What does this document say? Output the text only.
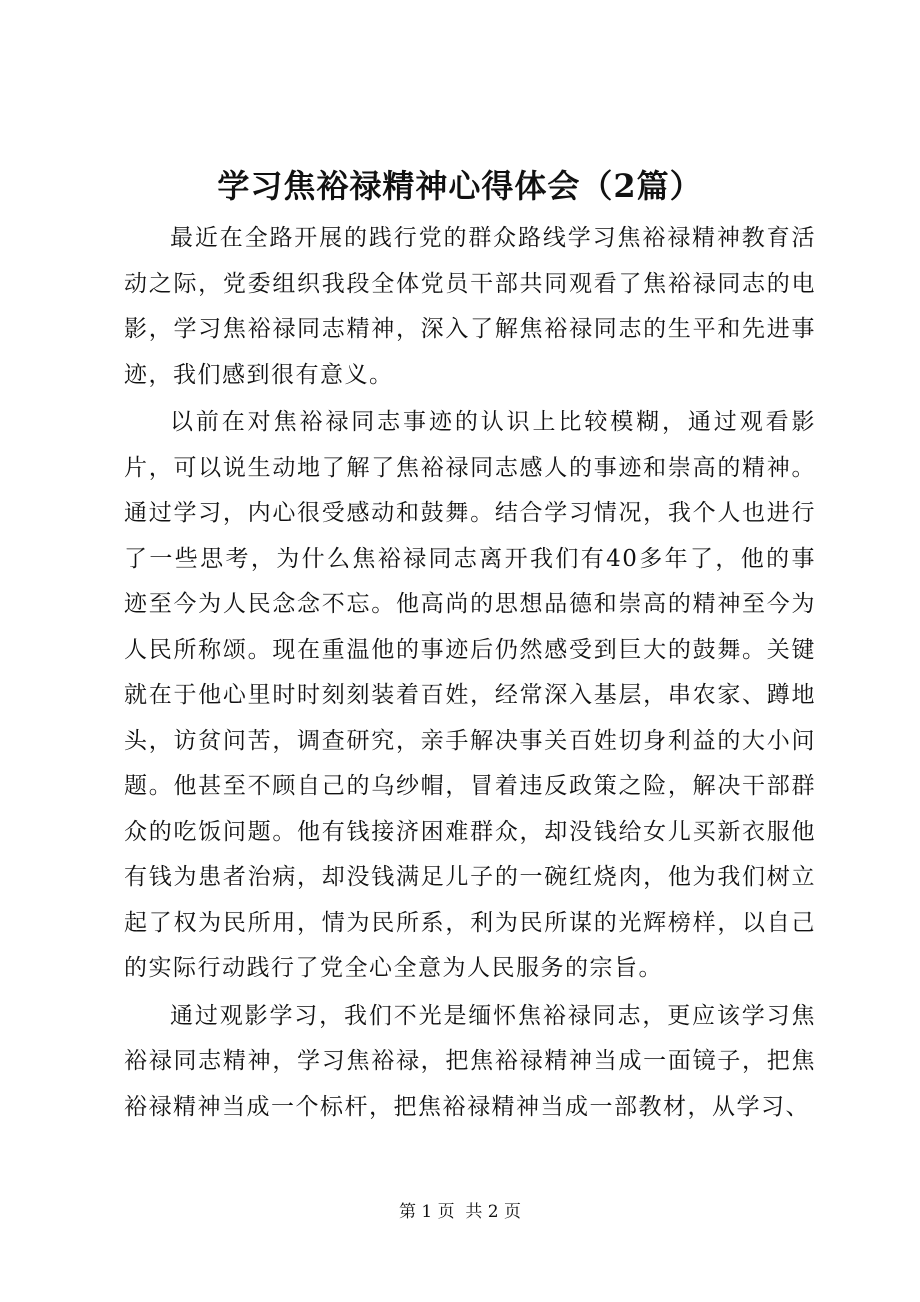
学习焦裕禄精神心得体会（2篇）

最近在全路开展的践行党的群众路线学习焦裕禄精神教育活动之际，党委组织我段全体党员干部共同观看了焦裕禄同志的电影，学习焦裕禄同志精神，深入了解焦裕禄同志的生平和先进事迹，我们感到很有意义。

以前在对焦裕禄同志事迹的认识上比较模糊，通过观看影片，可以说生动地了解了焦裕禄同志感人的事迹和崇高的精神。通过学习，内心很受感动和鼓舞。结合学习情况，我个人也进行了一些思考，为什么焦裕禄同志离开我们有40多年了，他的事迹至今为人民念念不忘。他高尚的思想品德和崇高的精神至今为人民所称颂。现在重温他的事迹后仍然感受到巨大的鼓舞。关键就在于他心里时时刻刻装着百姓，经常深入基层，串农家、蹲地头，访贫问苦，调查研究，亲手解决事关百姓切身利益的大小问题。他甚至不顾自己的乌纱帽，冒着违反政策之险，解决干部群众的吃饭问题。他有钱接济困难群众，却没钱给女儿买新衣服他有钱为患者治病，却没钱满足儿子的一碗红烧肉，他为我们树立起了权为民所用，情为民所系，利为民所谋的光辉榜样，以自己的实际行动践行了党全心全意为人民服务的宗旨。

通过观影学习，我们不光是缅怀焦裕禄同志，更应该学习焦裕禄同志精神，学习焦裕禄，把焦裕禄精神当成一面镜子，把焦裕禄精神当成一个标杆，把焦裕禄精神当成一部教材，从学习、

第 1 页  共 2 页
